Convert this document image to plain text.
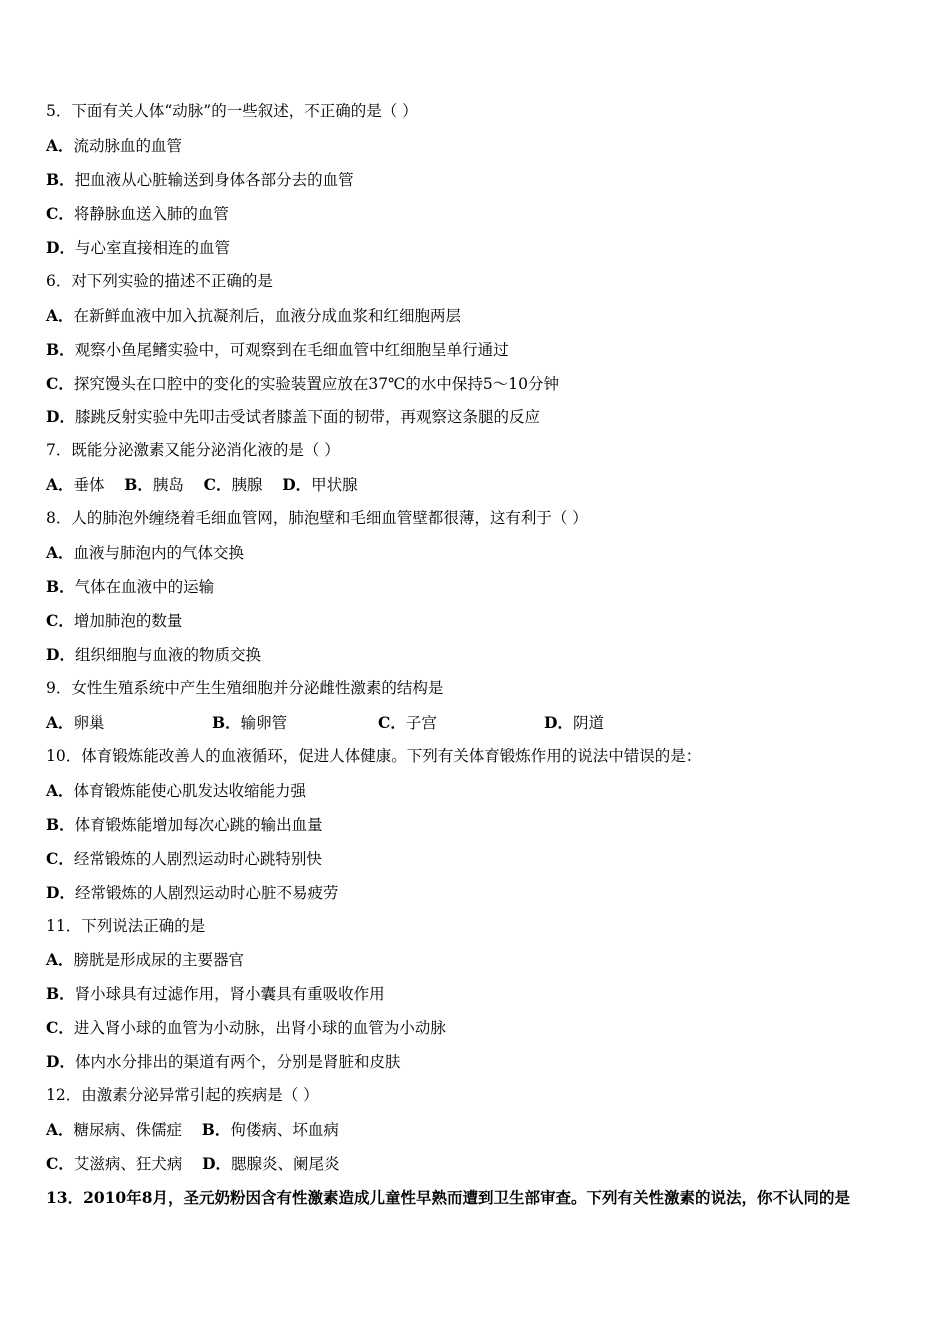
5．下面有关人体“动脉”的一些叙述，不正确的是（ ）
A．流动脉血的血管
B．把血液从心脏输送到身体各部分去的血管
C．将静脉血送入肺的血管
D．与心室直接相连的血管
6．对下列实验的描述不正确的是
A．在新鲜血液中加入抗凝剂后，血液分成血浆和红细胞两层
B．观察小鱼尾鳍实验中，可观察到在毛细血管中红细胞呈单行通过
C．探究馒头在口腔中的变化的实验装置应放在37℃的水中保持5～10分钟
D．膝跳反射实验中先叩击受试者膝盖下面的韧带，再观察这条腿的反应
7．既能分泌激素又能分泌消化液的是（ ）
A．垂体 B．胰岛 C．胰腺 D．甲状腺
8．人的肺泡外缠绕着毛细血管网，肺泡壁和毛细血管壁都很薄，这有利于（ ）
A．血液与肺泡内的气体交换
B．气体在血液中的运输
C．增加肺泡的数量
D．组织细胞与血液的物质交换
9．女性生殖系统中产生生殖细胞并分泌雌性激素的结构是
A．卵巢	B．输卵管	C．子宫	D．阴道
10．体育锻炼能改善人的血液循环，促进人体健康。下列有关体育锻炼作用的说法中错误的是：
A．体育锻炼能使心肌发达收缩能力强
B．体育锻炼能增加每次心跳的输出血量
C．经常锻炼的人剧烈运动时心跳特别快
D．经常锻炼的人剧烈运动时心脏不易疲劳
11．下列说法正确的是
A．膀胱是形成尿的主要器官
B．肾小球具有过滤作用，肾小囊具有重吸收作用
C．进入肾小球的血管为小动脉，出肾小球的血管为小动脉
D．体内水分排出的渠道有两个，分别是肾脏和皮肤
12．由激素分泌异常引起的疾病是（ ）
A．糖尿病、侏儒症 B．佝偻病、坏血病
C．艾滋病、狂犬病 D．腮腺炎、阑尾炎
13．2010年8月，圣元奶粉因含有性激素造成儿童性早熟而遭到卫生部审查。下列有关性激素的说法，你不认同的是
